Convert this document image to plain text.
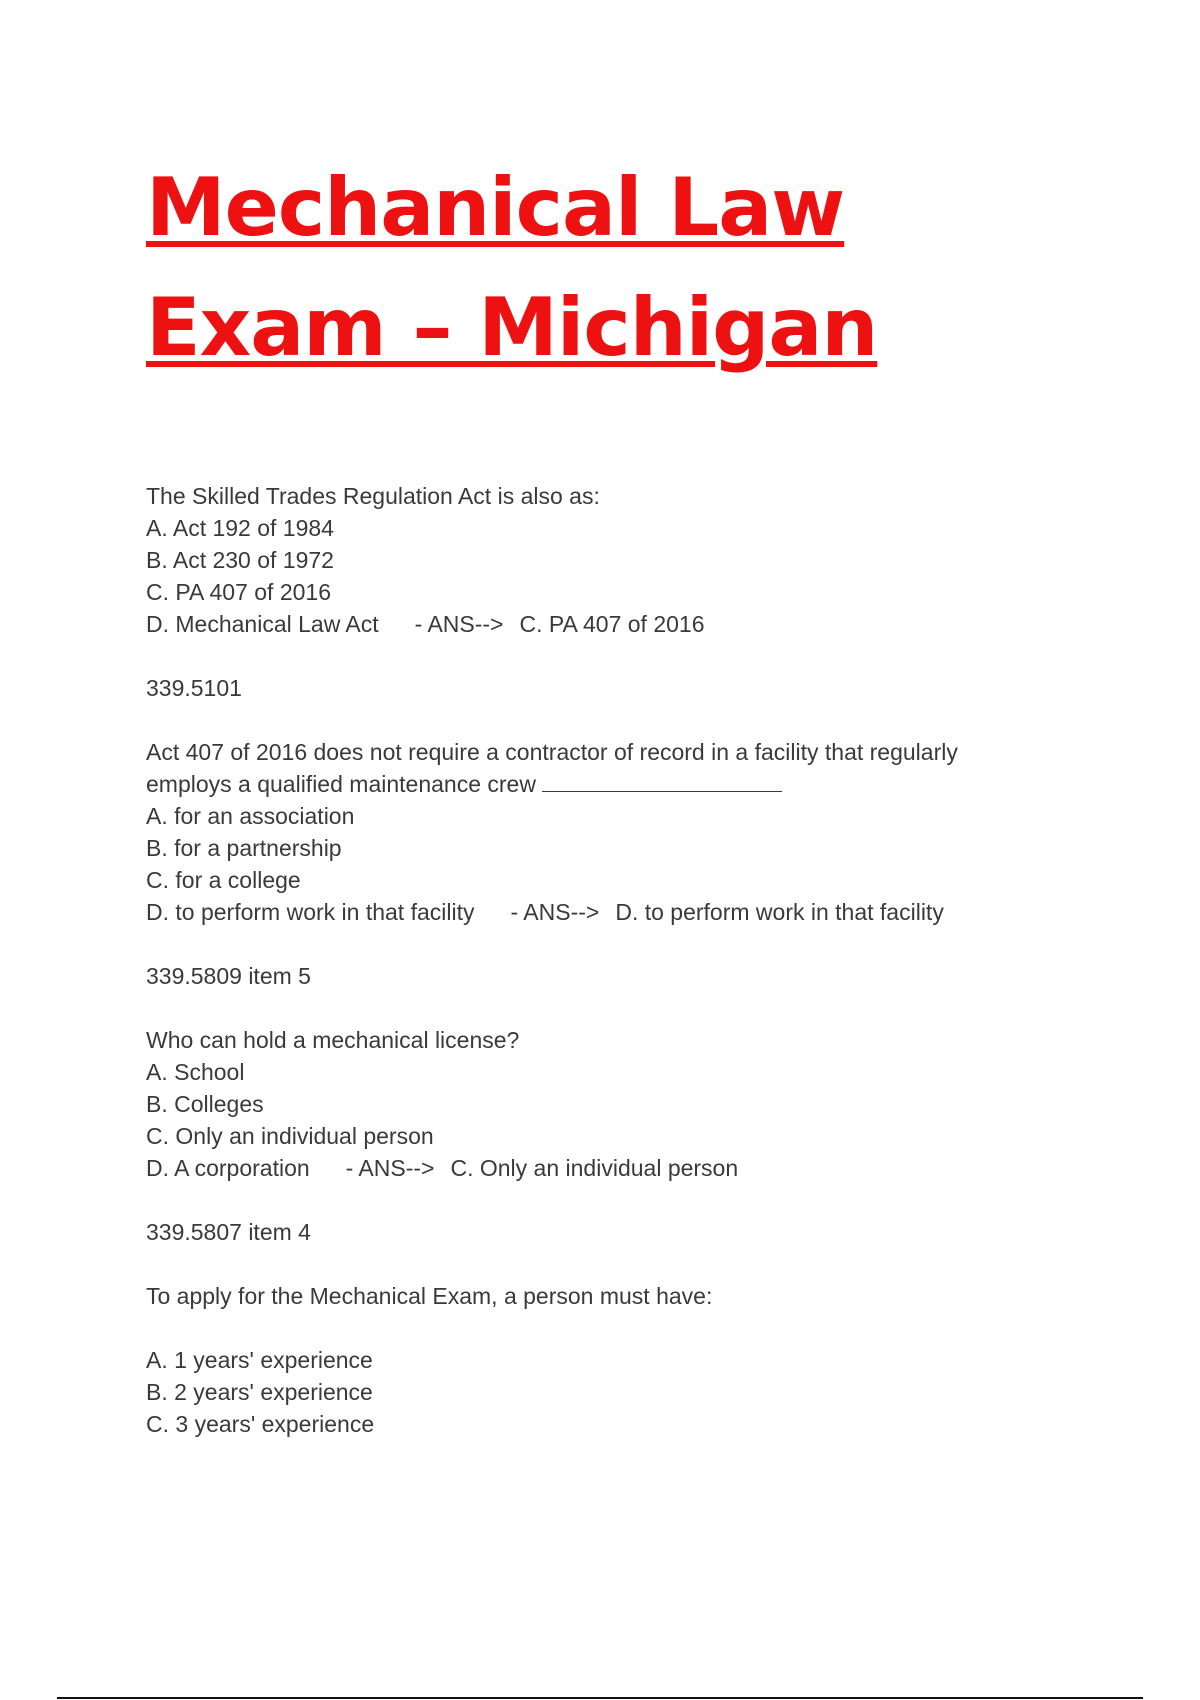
Mechanical Law
Exam – Michigan
The Skilled Trades Regulation Act is also as:
A. Act 192 of 1984
B. Act 230 of 1972
C. PA 407 of 2016
D. Mechanical Law Act - ANS--> C. PA 407 of 2016
339.5101
Act 407 of 2016 does not require a contractor of record in a facility that regularly
employs a qualified maintenance crew
A. for an association
B. for a partnership
C. for a college
D. to perform work in that facility - ANS--> D. to perform work in that facility
339.5809 item 5
Who can hold a mechanical license?
A. School
B. Colleges
C. Only an individual person
D. A corporation - ANS--> C. Only an individual person
339.5807 item 4
To apply for the Mechanical Exam, a person must have:
A. 1 years' experience
B. 2 years' experience
C. 3 years' experience
